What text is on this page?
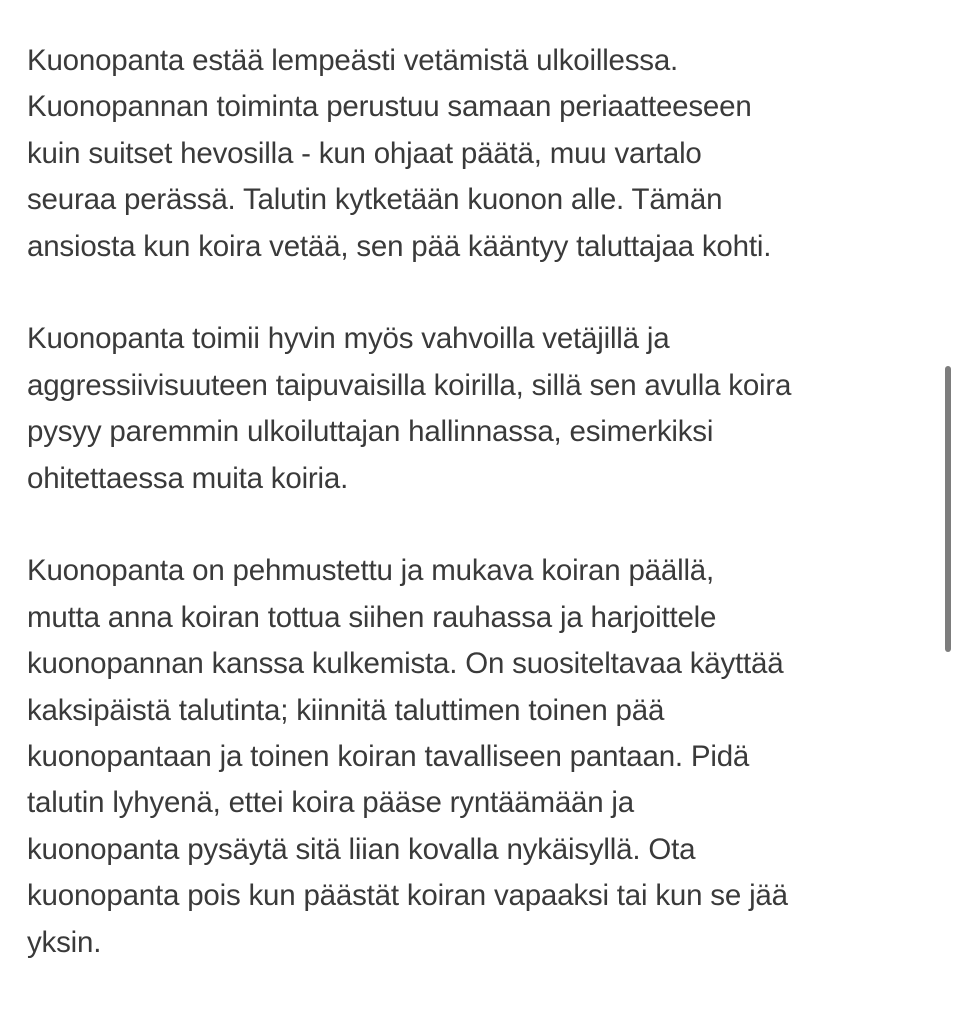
Kuonopanta estää lempeästi vetämistä ulkoillessa.
Kuonopannan toiminta perustuu samaan periaatteeseen
kuin suitset hevosilla - kun ohjaat päätä, muu vartalo
seuraa perässä. Talutin kytketään kuonon alle. Tämän
ansiosta kun koira vetää, sen pää kääntyy taluttajaa kohti.

Kuonopanta toimii hyvin myös vahvoilla vetäjillä ja
aggressiivisuuteen taipuvaisilla koirilla, sillä sen avulla koira
pysyy paremmin ulkoiluttajan hallinnassa, esimerkiksi
ohitettaessa muita koiria.

Kuonopanta on pehmustettu ja mukava koiran päällä,
mutta anna koiran tottua siihen rauhassa ja harjoittele
kuonopannan kanssa kulkemista. On suositeltavaa käyttää
kaksipäistä talutinta; kiinnitä taluttimen toinen pää
kuonopantaan ja toinen koiran tavalliseen pantaan. Pidä
talutin lyhyenä, ettei koira pääse ryntäämään ja
kuonopanta pysäytä sitä liian kovalla nykäisyllä. Ota
kuonopanta pois kun päästät koiran vapaaksi tai kun se jää
yksin.
